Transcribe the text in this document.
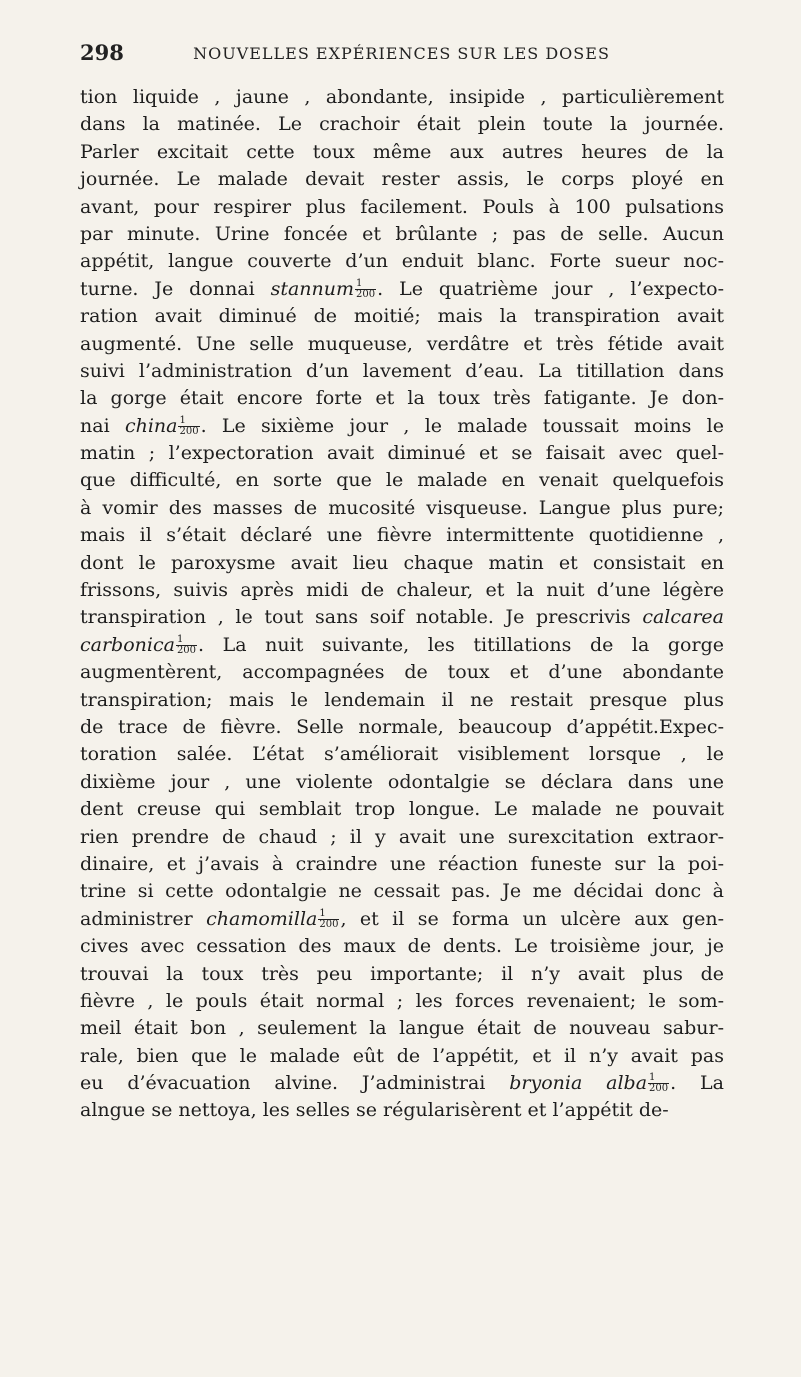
298	NOUVELLES EXPÉRIENCES SUR LES DOSES
tion liquide , jaune , abondante, insipide , particulièrement
dans la matinée. Le crachoir était plein toute la journée.
Parler excitait cette toux même aux autres heures de la
journée. Le malade devait rester assis, le corps ployé en
avant, pour respirer plus facilement. Pouls à 100 pulsations
par minute. Urine foncée et brûlante ; pas de selle. Aucun
appétit, langue couverte d’un enduit blanc. Forte sueur noc-
turne. Je donnai stannum $\frac{1}{200}$ . Le quatrième jour , l’expecto-
ration avait diminué de moitié; mais la transpiration avait
augmenté. Une selle muqueuse, verdâtre et très fétide avait
suivi l’administration d’un lavement d’eau. La titillation dans
la gorge était encore forte et la toux très fatigante. Je don-
nai china $\frac{1}{200}$ . Le sixième jour , le malade toussait moins le
matin ; l’expectoration avait diminué et se faisait avec quel-
que difficulté, en sorte que le malade en venait quelquefois
à vomir des masses de mucosité visqueuse. Langue plus pure;
mais il s’était déclaré une fièvre intermittente quotidienne ,
dont le paroxysme avait lieu chaque matin et consistait en
frissons, suivis après midi de chaleur, et la nuit d’une légère
transpiration , le tout sans soif notable. Je prescrivis calcarea
carbonica $\frac{1}{200}$ . La nuit suivante, les titillations de la gorge
augmentèrent, accompagnées de toux et d’une abondante
transpiration; mais le lendemain il ne restait presque plus
de trace de fièvre. Selle normale, beaucoup d’appétit.Expec-
toration salée. L’état s’améliorait visiblement lorsque , le
dixième jour , une violente odontalgie se déclara dans une
dent creuse qui semblait trop longue. Le malade ne pouvait
rien prendre de chaud ; il y avait une surexcitation extraor-
dinaire, et j’avais à craindre une réaction funeste sur la poi-
trine si cette odontalgie ne cessait pas. Je me décidai donc à
administrer chamomilla $\frac{1}{200}$ , et il se forma un ulcère aux gen-
cives avec cessation des maux de dents. Le troisième jour, je
trouvai la toux très peu importante; il n’y avait plus de
fièvre , le pouls était normal ; les forces revenaient; le som-
meil était bon , seulement la langue était de nouveau sabur-
rale, bien que le malade eût de l’appétit, et il n’y avait pas
eu d’évacuation alvine. J’administrai bryonia alba $\frac{1}{200}$ . La
alngue se nettoya, les selles se régularisèrent et l’appétit de-
